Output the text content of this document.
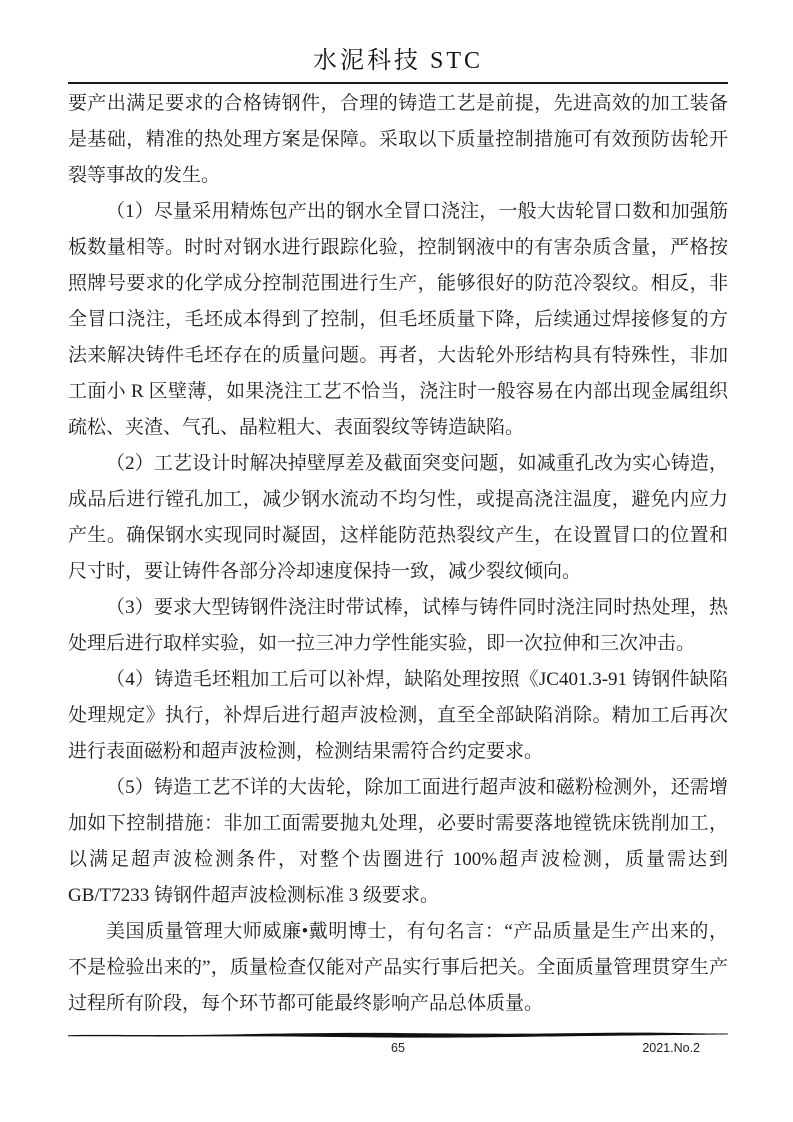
水泥科技 STC

要产出满足要求的合格铸钢件，合理的铸造工艺是前提，先进高效的加工装备是基础，精准的热处理方案是保障。采取以下质量控制措施可有效预防齿轮开裂等事故的发生。

（1）尽量采用精炼包产出的钢水全冒口浇注，一般大齿轮冒口数和加强筋板数量相等。时时对钢水进行跟踪化验，控制钢液中的有害杂质含量，严格按照牌号要求的化学成分控制范围进行生产，能够很好的防范冷裂纹。相反，非全冒口浇注，毛坯成本得到了控制，但毛坯质量下降，后续通过焊接修复的方法来解决铸件毛坯存在的质量问题。再者，大齿轮外形结构具有特殊性，非加工面小 R 区壁薄，如果浇注工艺不恰当，浇注时一般容易在内部出现金属组织疏松、夹渣、气孔、晶粒粗大、表面裂纹等铸造缺陷。

（2）工艺设计时解决掉壁厚差及截面突变问题，如减重孔改为实心铸造，成品后进行镗孔加工，减少钢水流动不均匀性，或提高浇注温度，避免内应力产生。确保钢水实现同时凝固，这样能防范热裂纹产生，在设置冒口的位置和尺寸时，要让铸件各部分冷却速度保持一致，减少裂纹倾向。

（3）要求大型铸钢件浇注时带试棒，试棒与铸件同时浇注同时热处理，热处理后进行取样实验，如一拉三冲力学性能实验，即一次拉伸和三次冲击。

（4）铸造毛坯粗加工后可以补焊，缺陷处理按照《JC401.3-91 铸钢件缺陷处理规定》执行，补焊后进行超声波检测，直至全部缺陷消除。精加工后再次进行表面磁粉和超声波检测，检测结果需符合约定要求。

（5）铸造工艺不详的大齿轮，除加工面进行超声波和磁粉检测外，还需增加如下控制措施：非加工面需要抛丸处理，必要时需要落地镗铣床铣削加工，以满足超声波检测条件，对整个齿圈进行 100%超声波检测，质量需达到 GB/T7233 铸钢件超声波检测标准 3 级要求。

美国质量管理大师威廉•戴明博士，有句名言：“产品质量是生产出来的，不是检验出来的”，质量检查仅能对产品实行事后把关。全面质量管理贯穿生产过程所有阶段，每个环节都可能最终影响产品总体质量。

65	2021.No.2
